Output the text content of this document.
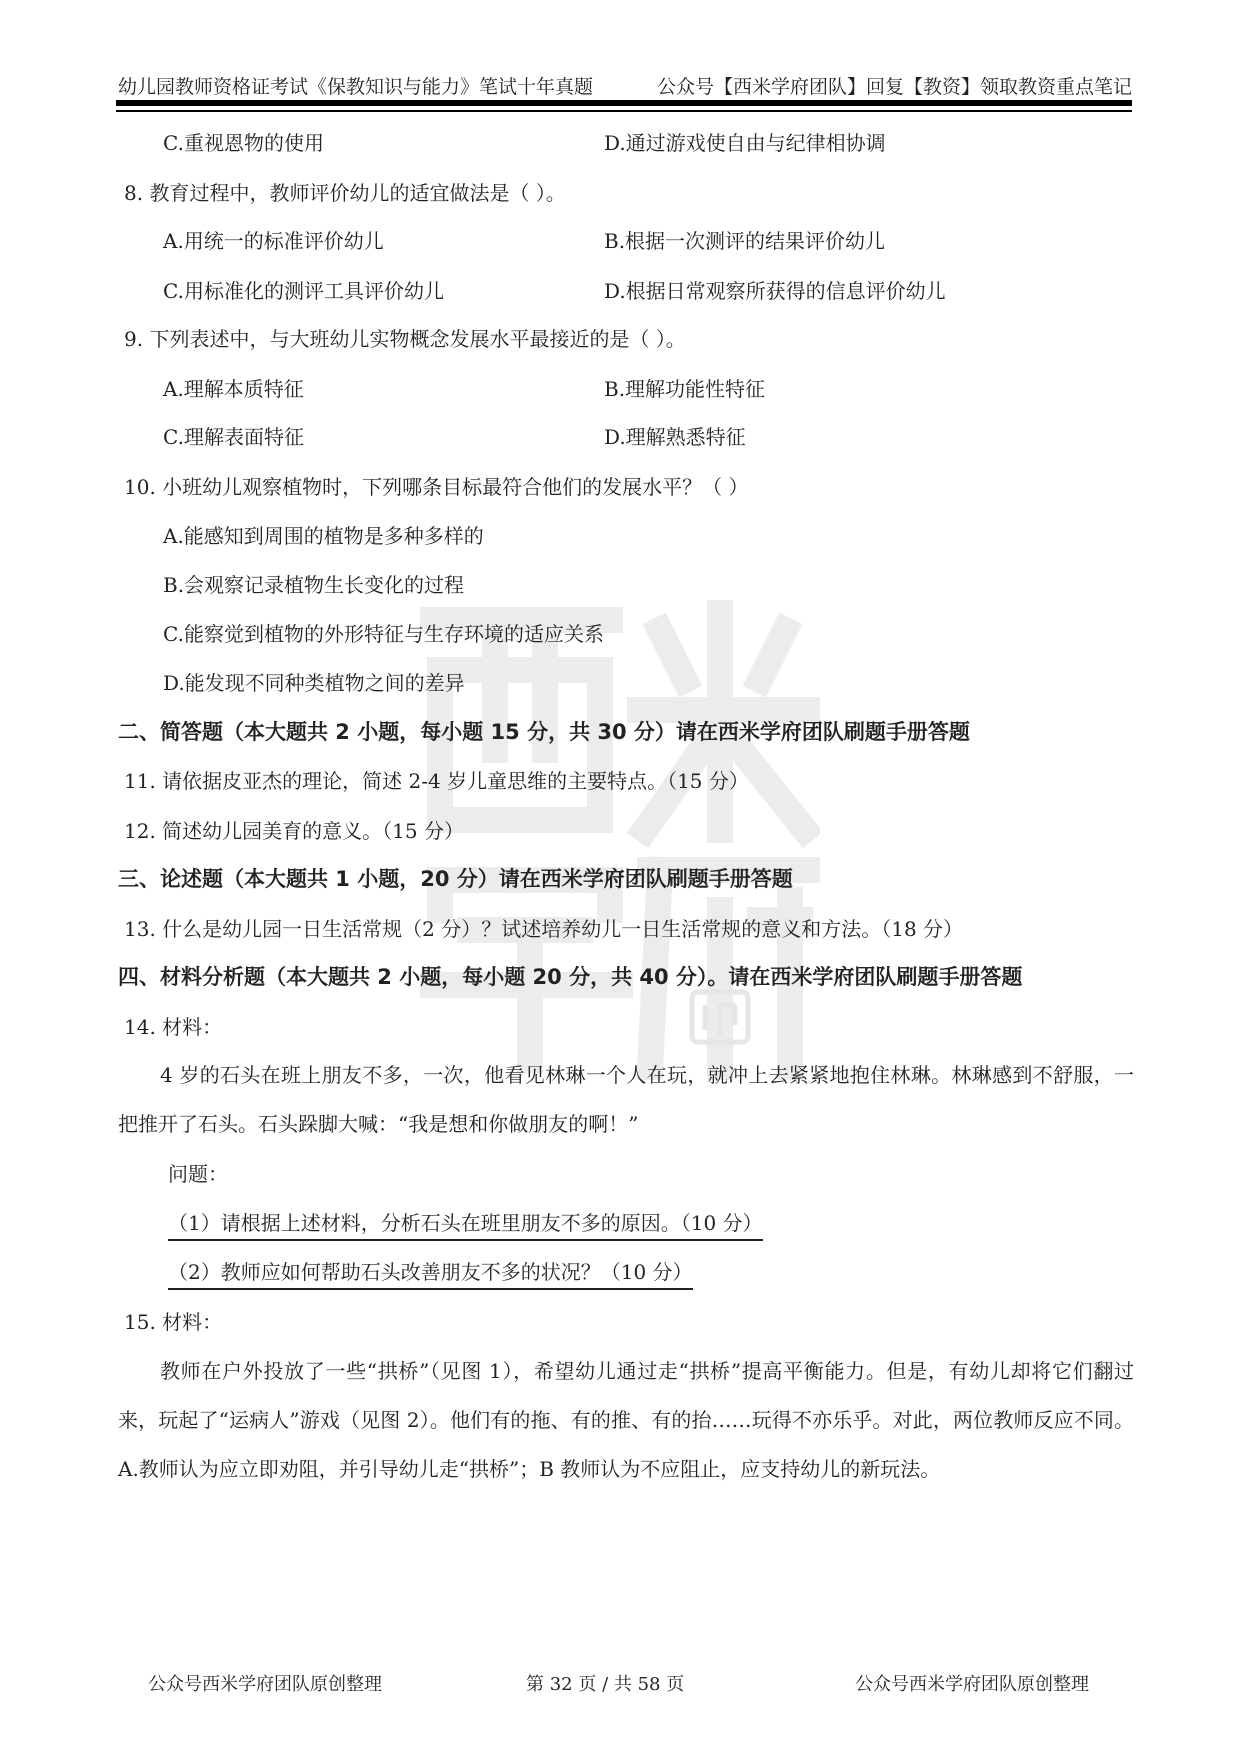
幼儿园教师资格证考试《保教知识与能力》笔试十年真题	公众号【西米学府团队】回复【教资】领取教资重点笔记
C.重视恩物的使用	D.通过游戏使自由与纪律相协调
8. 教育过程中，教师评价幼儿的适宜做法是（ ）。
A.用统一的标准评价幼儿	B.根据一次测评的结果评价幼儿
C.用标准化的测评工具评价幼儿	D.根据日常观察所获得的信息评价幼儿
9. 下列表述中，与大班幼儿实物概念发展水平最接近的是（ ）。
A.理解本质特征	B.理解功能性特征
C.理解表面特征	D.理解熟悉特征
10. 小班幼儿观察植物时，下列哪条目标最符合他们的发展水平？（ ）
A.能感知到周围的植物是多种多样的
B.会观察记录植物生长变化的过程
C.能察觉到植物的外形特征与生存环境的适应关系
D.能发现不同种类植物之间的差异
二、简答题（本大题共 2 小题，每小题 15 分，共 30 分）请在西米学府团队刷题手册答题
11. 请依据皮亚杰的理论，简述 2-4 岁儿童思维的主要特点。（15 分）
12. 简述幼儿园美育的意义。（15 分）
三、论述题（本大题共 1 小题，20 分）请在西米学府团队刷题手册答题
13. 什么是幼儿园一日生活常规（2 分）？试述培养幼儿一日生活常规的意义和方法。（18 分）
四、材料分析题（本大题共 2 小题，每小题 20 分，共 40 分）。请在西米学府团队刷题手册答题
14. 材料：
4 岁的石头在班上朋友不多，一次，他看见林琳一个人在玩，就冲上去紧紧地抱住林琳。林琳感到不舒服，一把推开了石头。石头跺脚大喊：“我是想和你做朋友的啊！”
问题：
（1）请根据上述材料，分析石头在班里朋友不多的原因。（10 分）
（2）教师应如何帮助石头改善朋友不多的状况？（10 分）
15. 材料：
教师在户外投放了一些“拱桥”（见图 1），希望幼儿通过走“拱桥”提高平衡能力。但是，有幼儿却将它们翻过来，玩起了“运病人”游戏（见图 2）。他们有的拖、有的推、有的抬……玩得不亦乐乎。对此，两位教师反应不同。 A.教师认为应立即劝阻，并引导幼儿走“拱桥”；B 教师认为不应阻止，应支持幼儿的新玩法。
公众号西米学府团队原创整理	第 32 页 / 共 58 页	公众号西米学府团队原创整理
